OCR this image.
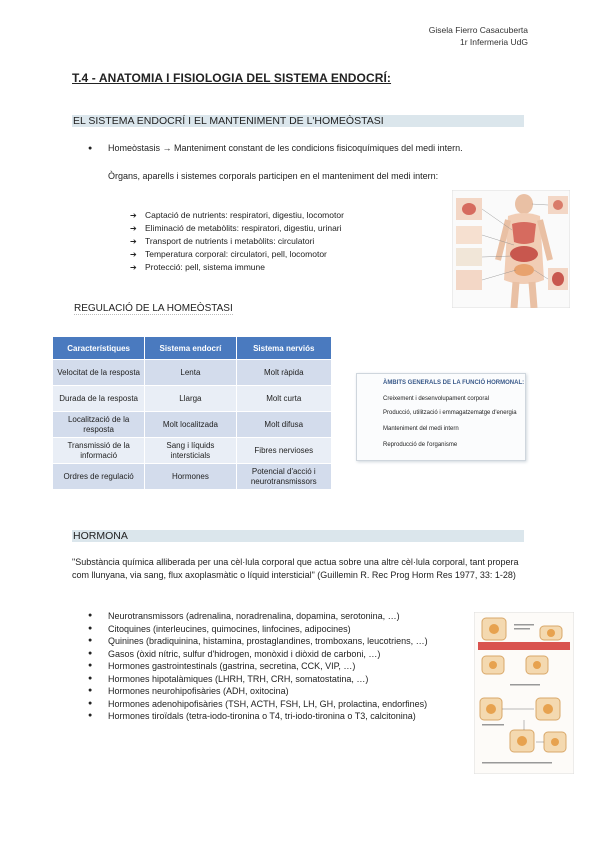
Gisela Fierro Casacuberta
1r Infermeria UdG
T.4 - ANATOMIA I FISIOLOGIA DEL SISTEMA ENDOCRÍ:
EL SISTEMA ENDOCRÍ I EL MANTENIMENT DE L'HOMEÒSTASI
● Homeòstasis → Manteniment constant de les condicions fisicoquímiques del medi intern.
Òrgans, aparells i sistemes corporals participen en el manteniment del medi intern:
➔ Captació de nutrients: respiratori, digestiu, locomotor
➔ Eliminació de metabòlits: respiratori, digestiu, urinari
➔ Transport de nutrients i metabòlits: circulatori
➔ Temperatura corporal: circulatori, pell, locomotor
➔ Protecció: pell, sistema immune
REGULACIÓ DE LA HOMEÒSTASI
Característiques	Sistema endocrí	Sistema nerviós
Velocitat de la resposta	Lenta	Molt ràpida
Durada de la resposta	Llarga	Molt curta
Localització de la resposta	Molt localitzada	Molt difusa
Transmissió de la informació	Sang i líquids intersticials	Fibres nervioses
Ordres de regulació	Hormones	Potencial d'acció i neurotransmissors
ÀMBITS GENERALS DE LA FUNCIÓ HORMONAL:
Creixement i desenvolupament corporal
Producció, utilització i emmagatzematge d'energia
Manteniment del medi intern
Reproducció de l'organisme
HORMONA
"Substància química alliberada per una cèl·lula corporal que actua sobre una altre cèl·lula corporal, tant propera com llunyana, via sang, flux axoplasmàtic o líquid intersticial" (Guillemin R. Rec Prog Horm Res 1977, 33: 1-28)
● Neurotransmissors (adrenalina, noradrenalina, dopamina, serotonina, …)
● Citoquines (interleucines, quimocines, linfocines, adipocines)
● Quinines (bradiquinina, histamina, prostaglandines, tromboxans, leucotriens, …)
● Gasos (òxid nítric, sulfur d'hidrogen, monòxid i diòxid de carboni, …)
● Hormones gastrointestinals (gastrina, secretina, CCK, VIP, …)
● Hormones hipotalàmiques (LHRH, TRH, CRH, somatostatina, …)
● Hormones neurohipofisàries (ADH, oxitocina)
● Hormones adenohipofisàries (TSH, ACTH, FSH, LH, GH, prolactina, endorfines)
● Hormones tiroïdals (tetra-iodo-tironina o T4, tri-iodo-tironina o T3, calcitonina)
